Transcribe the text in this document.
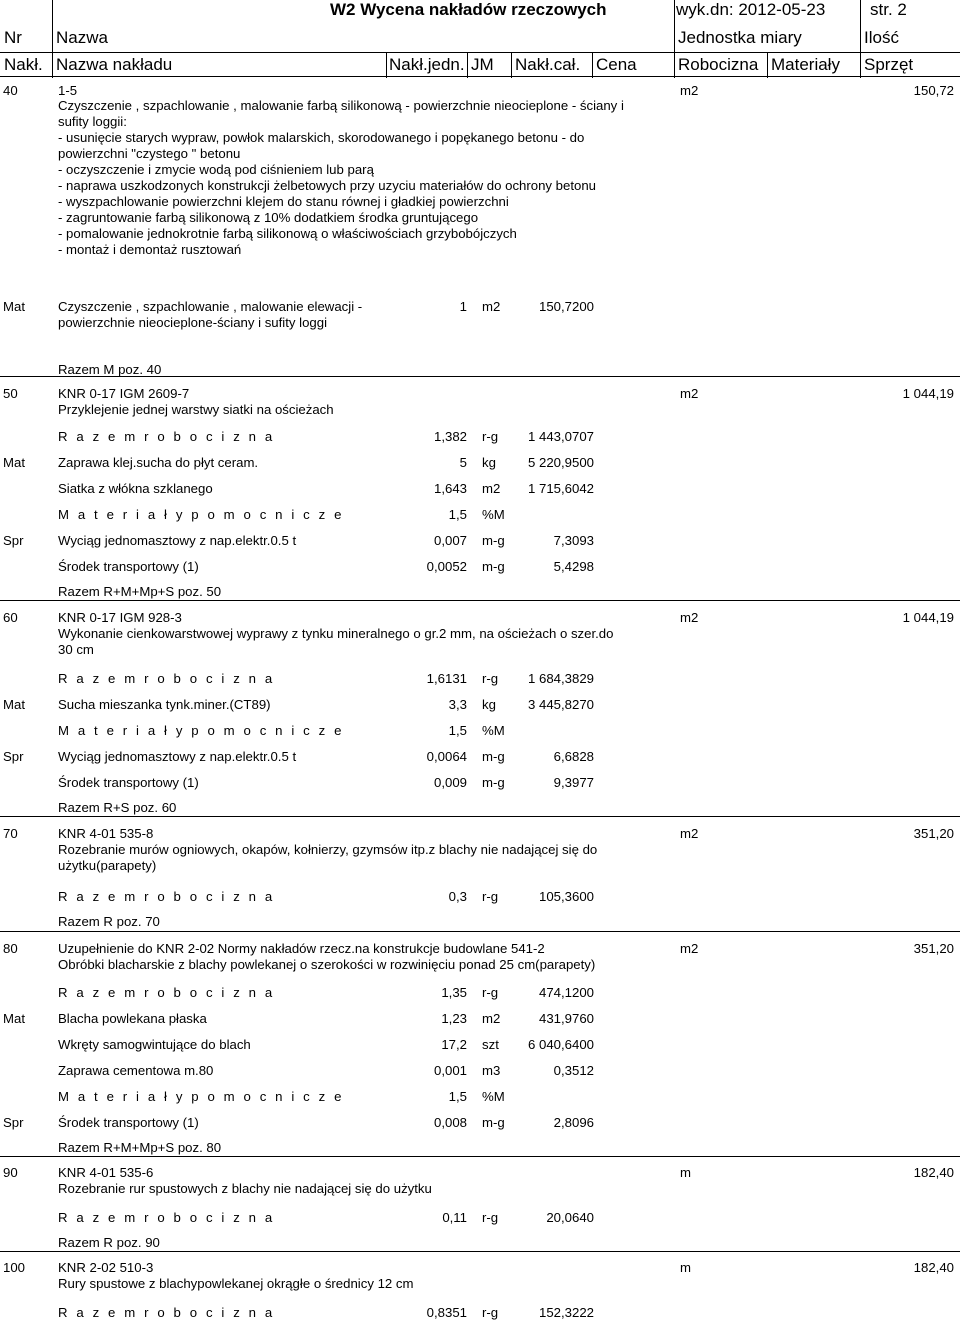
W2 Wycena nakładów rzeczowych	wyk.dn: 2012-05-23	str. 2
Nr Nazwa	Jednostka miary	Ilość
Nakł. Nazwa nakładu	Nakł.jedn. JM Nakł.cał. Cena Robocizna Materiały Sprzęt
40	1-5	m2	150,72
Czyszczenie , szpachlowanie , malowanie farbą silikonową - powierzchnie nieocieplone - ściany i
sufity loggii:
- usunięcie starych wypraw, powłok malarskich, skorodowanego i popękanego betonu - do
powierzchni "czystego " betonu
- oczyszczenie i zmycie wodą pod ciśnieniem lub parą
- naprawa uszkodzonych konstrukcji żelbetowych przy uzyciu materiałów do ochrony betonu
- wyszpachlowanie powierzchni klejem do stanu równej i gładkiej powierzchni
- zagruntowanie farbą silikonową z 10% dodatkiem środka gruntującego
- pomalowanie jednokrotnie farbą silikonową o właściwościach grzybobójczych
- montaż i demontaż rusztowań
Mat	Czyszczenie , szpachlowanie , malowanie elewacji -
powierzchnie nieocieplone-ściany i sufity loggi
1 m2	150,7200
Razem M poz. 40
50	KNR 0-17 IGM 2609-7	m2	1 044,19
Przyklejenie jednej warstwy siatki na ościeżach
R a z e m r o b o c i z n a	1,382 r-g 1 443,0707
Mat	Zaprawa klej.sucha do płyt ceram.	5 kg 5 220,9500
Siatka z włókna szklanego	1,643 m2 1 715,6042
M a t e r i a ł y p o m o c n i c z e	1,5 %M
Spr	Wyciąg jednomasztowy z nap.elektr.0.5 t	0,007 m-g	7,3093
Środek transportowy (1)	0,0052 m-g	5,4298
Razem R+M+Mp+S poz. 50
60	KNR 0-17 IGM 928-3	m2	1 044,19
Wykonanie cienkowarstwowej wyprawy z tynku mineralnego o gr.2 mm, na ościeżach o szer.do
30 cm
R a z e m r o b o c i z n a	1,6131 r-g 1 684,3829
Mat	Sucha mieszanka tynk.miner.(CT89)	3,3 kg 3 445,8270
M a t e r i a ł y p o m o c n i c z e	1,5 %M
Spr	Wyciąg jednomasztowy z nap.elektr.0.5 t	0,0064 m-g	6,6828
Środek transportowy (1)	0,009 m-g	9,3977
Razem R+S poz. 60
70	KNR 4-01 535-8	m2	351,20
Rozebranie murów ogniowych, okapów, kołnierzy, gzymsów itp.z blachy nie nadającej się do
użytku(parapety)
R a z e m r o b o c i z n a	0,3 r-g	105,3600
Razem R poz. 70
80	Uzupełnienie do KNR 2-02 Normy nakładów rzecz.na konstrukcje budowlane 541-2	m2	351,20
Obróbki blacharskie z blachy powlekanej o szerokości w rozwinięciu ponad 25 cm(parapety)
R a z e m r o b o c i z n a	1,35 r-g	474,1200
Mat	Blacha powlekana płaska	1,23 m2	431,9760
Wkręty samogwintujące do blach	17,2 szt 6 040,6400
Zaprawa cementowa m.80	0,001 m3	0,3512
M a t e r i a ł y p o m o c n i c z e	1,5 %M
Spr	Środek transportowy (1)	0,008 m-g	2,8096
Razem R+M+Mp+S poz. 80
90	KNR 4-01 535-6	m	182,40
Rozebranie rur spustowych z blachy nie nadającej się do użytku
R a z e m r o b o c i z n a	0,11 r-g	20,0640
Razem R poz. 90
100 KNR 2-02 510-3	m	182,40
Rury spustowe z blachypowlekanej okrągłe o średnicy 12 cm
R a z e m r o b o c i z n a	0,8351 r-g	152,3222
